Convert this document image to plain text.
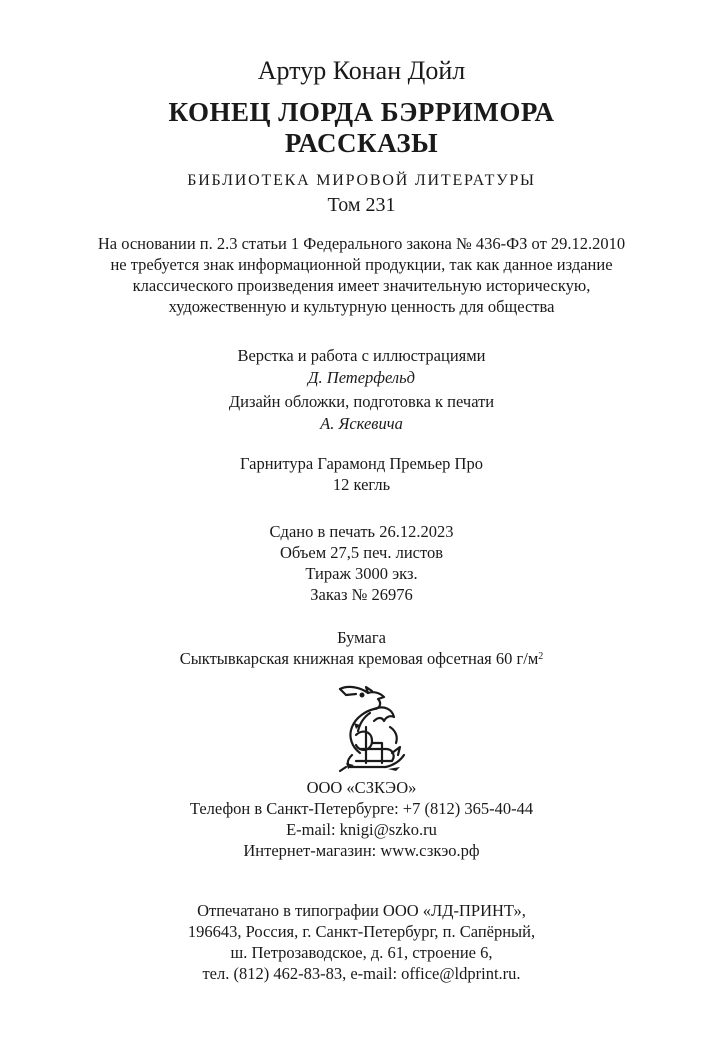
Артур Конан Дойл
КОНЕЦ ЛОРДА БЭРРИМОРА
РАССКАЗЫ
БИБЛИОТЕКА МИРОВОЙ ЛИТЕРАТУРЫ
Том 231
На основании п. 2.3 статьи 1 Федерального закона № 436-ФЗ от 29.12.2010
не требуется знак информационной продукции, так как данное издание
классического произведения имеет значительную историческую,
художественную и культурную ценность для общества
Верстка и работа с иллюстрациями
Д. Петерфельд
Дизайн обложки, подготовка к печати
А. Яскевича
Гарнитура Гарамонд Премьер Про
12 кегль
Сдано в печать 26.12.2023
Объем 27,5 печ. листов
Тираж 3000 экз.
Заказ № 26976
Бумага
Сыктывкарская книжная кремовая офсетная 60 $г/м^2$
ООО «СЗКЭО»
Телефон в Санкт-Петербурге: +7 (812) 365-40-44
E-mail: knigi@szko.ru
Интернет-магазин: www.сзкэо.рф
Отпечатано в типографии ООО «ЛД-ПРИНТ»,
196643, Россия, г. Санкт-Петербург, п. Сапёрный,
ш. Петрозаводское, д. 61, строение 6,
тел. (812) 462-83-83, e-mail: office@ldprint.ru.
